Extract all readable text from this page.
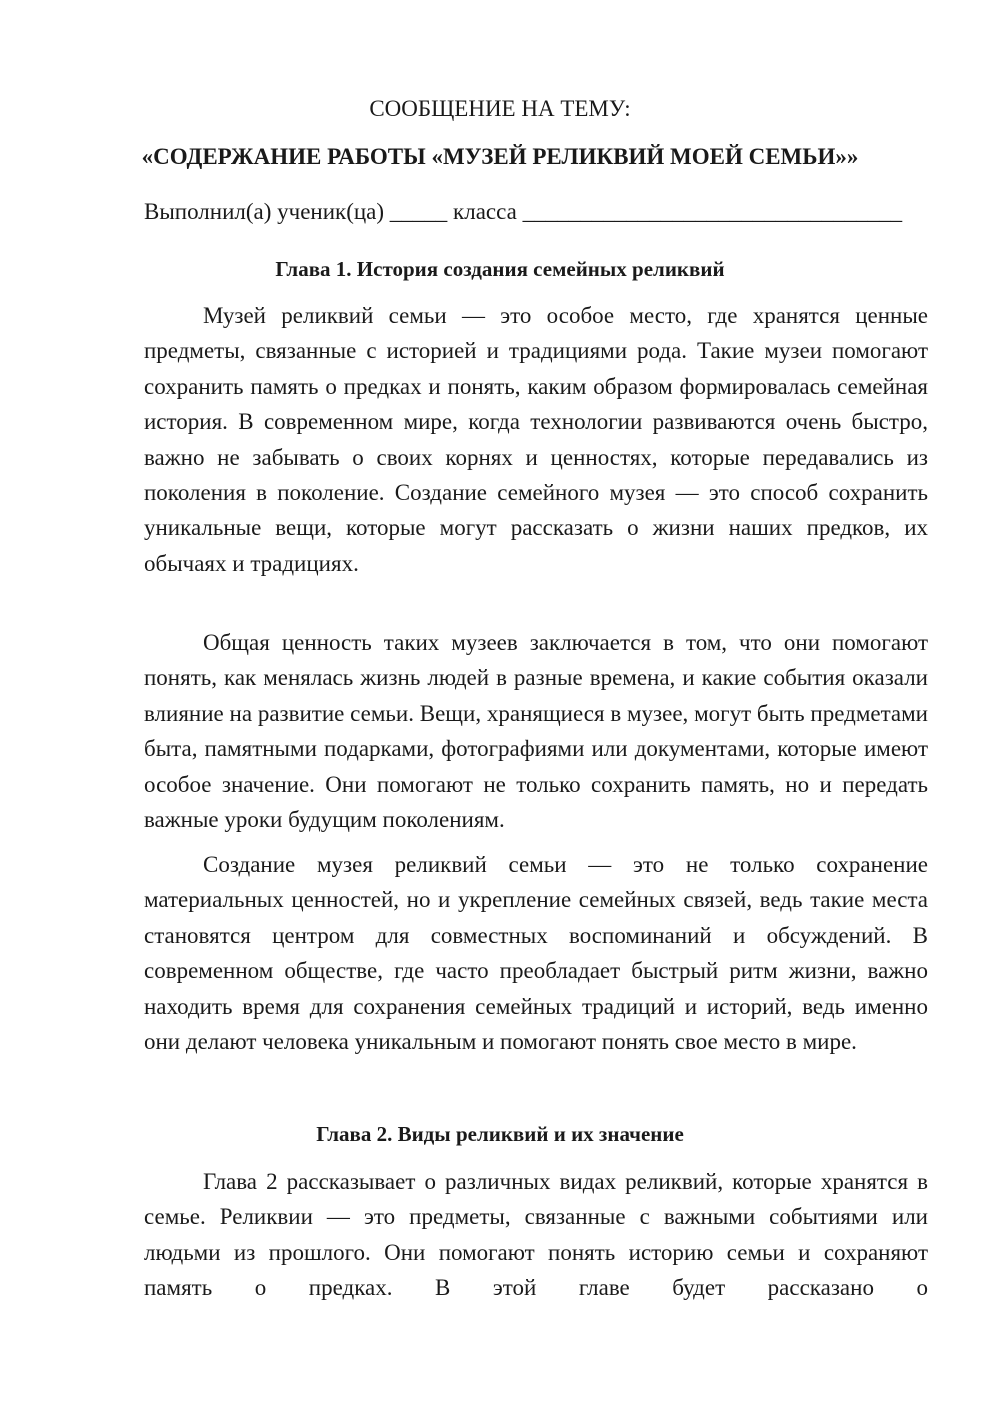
СООБЩЕНИЕ НА ТЕМУ:
«СОДЕРЖАНИЕ РАБОТЫ «МУЗЕЙ РЕЛИКВИЙ МОЕЙ СЕМЬИ»»
Выполнил(а) ученик(ца) _____ класса _________________________________
Глава 1. История создания семейных реликвий

Музей реликвий семьи — это особое место, где хранятся ценные предметы, связанные с историей и традициями рода. Такие музеи помогают сохранить память о предках и понять, каким образом формировалась семейная история. В современном мире, когда технологии развиваются очень быстро, важно не забывать о своих корнях и ценностях, которые передавались из поколения в поколение. Создание семейного музея — это способ сохранить уникальные вещи, которые могут рассказать о жизни наших предков, их обычаях и традициях.

Общая ценность таких музеев заключается в том, что они помогают понять, как менялась жизнь людей в разные времена, и какие события оказали влияние на развитие семьи. Вещи, хранящиеся в музее, могут быть предметами быта, памятными подарками, фотографиями или документами, которые имеют особое значение. Они помогают не только сохранить память, но и передать важные уроки будущим поколениям.

Создание музея реликвий семьи — это не только сохранение материальных ценностей, но и укрепление семейных связей, ведь такие места становятся центром для совместных воспоминаний и обсуждений. В современном обществе, где часто преобладает быстрый ритм жизни, важно находить время для сохранения семейных традиций и историй, ведь именно они делают человека уникальным и помогают понять свое место в мире.

Глава 2. Виды реликвий и их значение

Глава 2 рассказывает о различных видах реликвий, которые хранятся в семье. Реликвии — это предметы, связанные с важными событиями или людьми из прошлого. Они помогают понять историю семьи и сохраняют память о предках. В этой главе будет рассказано о
